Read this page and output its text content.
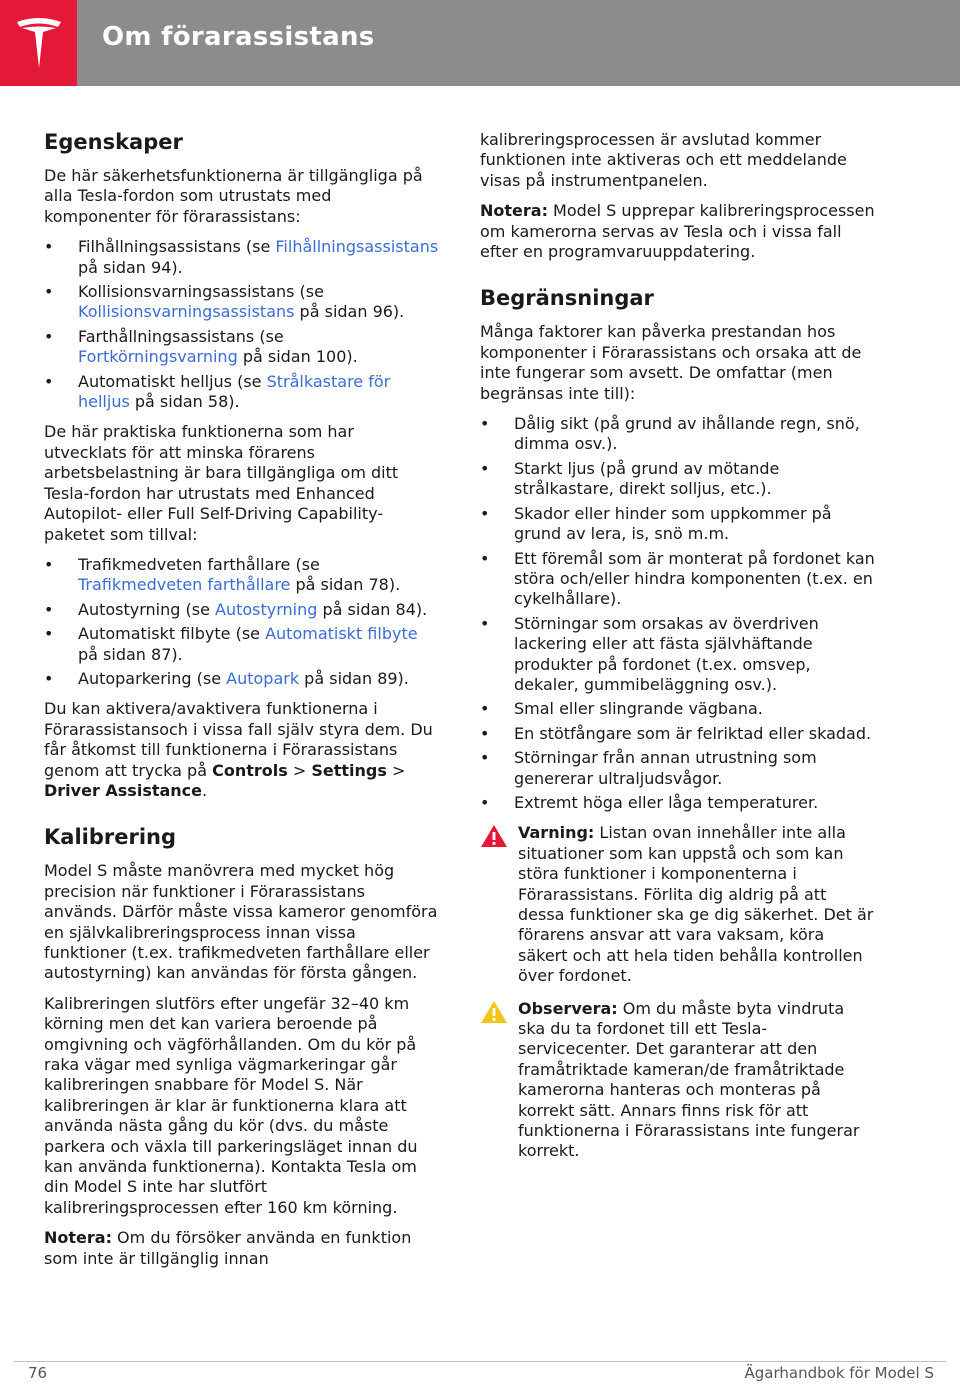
Om förarassistans
Egenskaper

De här säkerhetsfunktionerna är tillgängliga på alla Tesla-fordon som utrustats med komponenter för förarassistans:

• Filhållningsassistans (se Filhållningsassistans på sidan 94).
• Kollisionsvarningsassistans (se Kollisionsvarningsassistans på sidan 96).
• Farthållningsassistans (se Fortkörningsvarning på sidan 100).
• Automatiskt helljus (se Strålkastare för helljus på sidan 58).

De här praktiska funktionerna som har utvecklats för att minska förarens arbetsbelastning är bara tillgängliga om ditt Tesla-fordon har utrustats med Enhanced Autopilot- eller Full Self-Driving Capability-paketet som tillval:

• Trafikmedveten farthållare (se Trafikmedveten farthållare på sidan 78).
• Autostyrning (se Autostyrning på sidan 84).
• Automatiskt filbyte (se Automatiskt filbyte på sidan 87).
• Autoparkering (se Autopark på sidan 89).

Du kan aktivera/avaktivera funktionerna i Förarassistansoch i vissa fall själv styra dem. Du får åtkomst till funktionerna i Förarassistans genom att trycka på Controls > Settings > Driver Assistance.

Kalibrering

Model S måste manövrera med mycket hög precision när funktioner i Förarassistans används. Därför måste vissa kameror genomföra en självkalibreringsprocess innan vissa funktioner (t.ex. trafikmedveten farthållare eller autostyrning) kan användas för första gången.

Kalibreringen slutförs efter ungefär 32–40 km körning men det kan variera beroende på omgivning och vägförhållanden. Om du kör på raka vägar med synliga vägmarkeringar går kalibreringen snabbare för Model S. När kalibreringen är klar är funktionerna klara att använda nästa gång du kör (dvs. du måste parkera och växla till parkeringsläget innan du kan använda funktionerna). Kontakta Tesla om din Model S inte har slutfört kalibreringsprocessen efter 160 km körning.

Notera: Om du försöker använda en funktion som inte är tillgänglig innan

kalibreringsprocessen är avslutad kommer funktionen inte aktiveras och ett meddelande visas på instrumentpanelen.

Notera: Model S upprepar kalibreringsprocessen om kamerorna servas av Tesla och i vissa fall efter en programvaruuppdatering.

Begränsningar

Många faktorer kan påverka prestandan hos komponenter i Förarassistans och orsaka att de inte fungerar som avsett. De omfattar (men begränsas inte till):

• Dålig sikt (på grund av ihållande regn, snö, dimma osv.).
• Starkt ljus (på grund av mötande strålkastare, direkt solljus, etc.).
• Skador eller hinder som uppkommer på grund av lera, is, snö m.m.
• Ett föremål som är monterat på fordonet kan störa och/eller hindra komponenten (t.ex. en cykelhållare).
• Störningar som orsakas av överdriven lackering eller att fästa självhäftande produkter på fordonet (t.ex. omsvep, dekaler, gummibeläggning osv.).
• Smal eller slingrande vägbana.
• En stötfångare som är felriktad eller skadad.
• Störningar från annan utrustning som genererar ultraljudsvågor.
• Extremt höga eller låga temperaturer.
Varning: Listan ovan innehåller inte alla situationer som kan uppstå och som kan störa funktioner i komponenterna i Förarassistans. Förlita dig aldrig på att dessa funktioner ska ge dig säkerhet. Det är förarens ansvar att vara vaksam, köra säkert och att hela tiden behålla kontrollen över fordonet.
Observera: Om du måste byta vindruta ska du ta fordonet till ett Tesla-servicecenter. Det garanterar att den framåtriktade kameran/de framåtriktade kamerorna hanteras och monteras på korrekt sätt. Annars finns risk för att funktionerna i Förarassistans inte fungerar korrekt.
76	Ägarhandbok för Model S
